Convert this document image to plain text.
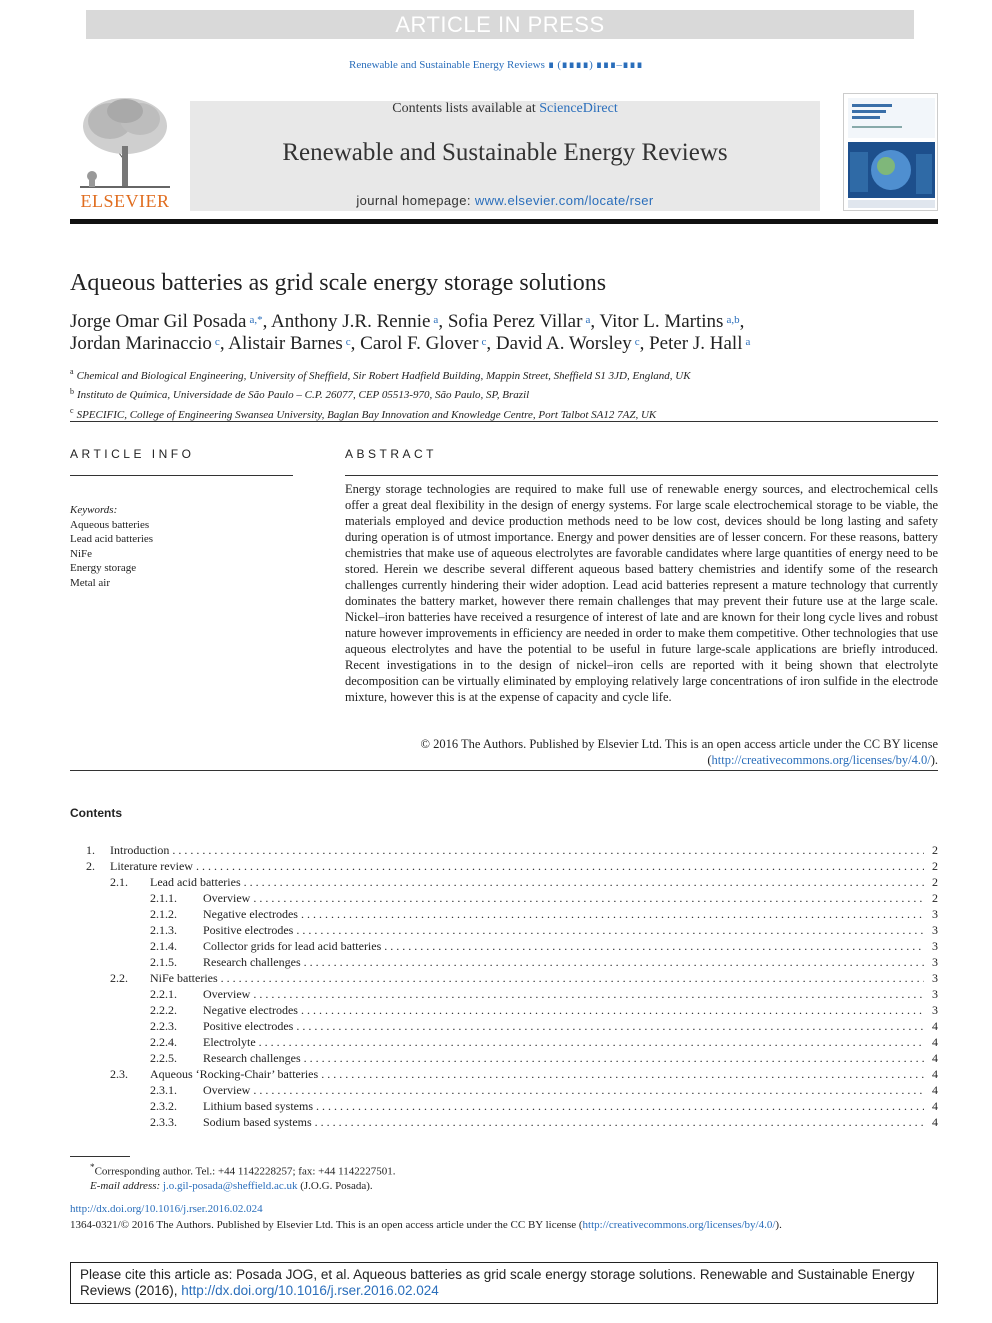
ARTICLE IN PRESS
Renewable and Sustainable Energy Reviews ∎ (∎∎∎∎) ∎∎∎–∎∎∎
ELSEVIER
Contents lists available at ScienceDirect
Renewable and Sustainable Energy Reviews
journal homepage: www.elsevier.com/locate/rser
Aqueous batteries as grid scale energy storage solutions
Jorge Omar Gil Posada $^{a,*}$, Anthony J.R. Rennie $^a$, Sofia Perez Villar $^a$, Vitor L. Martins $^{a,b}$,
Jordan Marinaccio $^c$, Alistair Barnes $^c$, Carol F. Glover $^c$, David A. Worsley $^c$, Peter J. Hall $^a$
$^a$ Chemical and Biological Engineering, University of Sheffield, Sir Robert Hadfield Building, Mappin Street, Sheffield S1 3JD, England, UK
$^b$ Instituto de Química, Universidade de São Paulo – C.P. 26077, CEP 05513-970, São Paulo, SP, Brazil
$^c$ SPECIFIC, College of Engineering Swansea University, Baglan Bay Innovation and Knowledge Centre, Port Talbot SA12 7AZ, UK
ARTICLE INFO
Keywords:
Aqueous batteries
Lead acid batteries
NiFe
Energy storage
Metal air
ABSTRACT
Energy storage technologies are required to make full use of renewable energy sources, and electrochemical cells offer a great deal flexibility in the design of energy systems. For large scale electrochemical storage to be viable, the materials employed and device production methods need to be low cost, devices should be long lasting and safety during operation is of utmost importance. Energy and power densities are of lesser concern. For these reasons, battery chemistries that make use of aqueous electrolytes are favorable candidates where large quantities of energy need to be stored. Herein we describe several different aqueous based battery chemistries and identify some of the research challenges currently hindering their wider adoption. Lead acid batteries represent a mature technology that currently dominates the battery market, however there remain challenges that may prevent their future use at the large scale. Nickel–iron batteries have received a resurgence of interest of late and are known for their long cycle lives and robust nature however improvements in efficiency are needed in order to make them competitive. Other technologies that use aqueous electrolytes and have the potential to be useful in future large-scale applications are briefly introduced. Recent investigations in to the design of nickel–iron cells are reported with it being shown that electrolyte decomposition can be virtually eliminated by employing relatively large concentrations of iron sulfide in the electrode mixture, however this is at the expense of capacity and cycle life.
© 2016 The Authors. Published by Elsevier Ltd. This is an open access article under the CC BY license
(http://creativecommons.org/licenses/by/4.0/).
Contents
1. Introduction . . .	2
2. Literature review . . .	2
2.1. Lead acid batteries . . .	2
2.1.1. Overview . . .	2
2.1.2. Negative electrodes . . .	3
2.1.3. Positive electrodes . . .	3
2.1.4. Collector grids for lead acid batteries . . .	3
2.1.5. Research challenges . . .	3
2.2. NiFe batteries . . .	3
2.2.1. Overview . . .	3
2.2.2. Negative electrodes . . .	3
2.2.3. Positive electrodes . . .	4
2.2.4. Electrolyte . . .	4
2.2.5. Research challenges . . .	4
2.3. Aqueous ‘Rocking-Chair’ batteries . . .	4
2.3.1. Overview . . .	4
2.3.2. Lithium based systems . . .	4
2.3.3. Sodium based systems . . .	4
*Corresponding author. Tel.: +44 1142228257; fax: +44 1142227501.
E-mail address: j.o.gil-posada@sheffield.ac.uk (J.O.G. Posada).
http://dx.doi.org/10.1016/j.rser.2016.02.024
1364-0321/© 2016 The Authors. Published by Elsevier Ltd. This is an open access article under the CC BY license (http://creativecommons.org/licenses/by/4.0/).
Please cite this article as: Posada JOG, et al. Aqueous batteries as grid scale energy storage solutions. Renewable and Sustainable Energy Reviews (2016), http://dx.doi.org/10.1016/j.rser.2016.02.024
